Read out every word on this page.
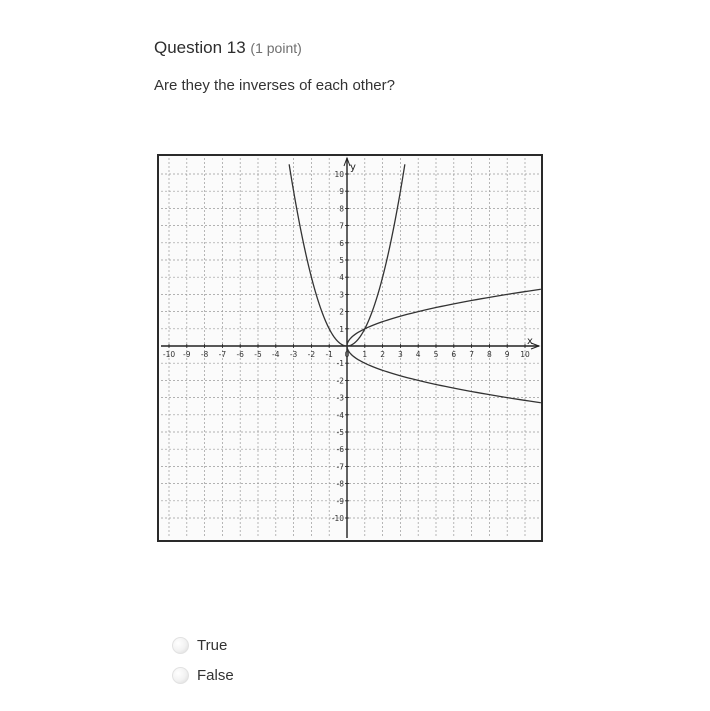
Question 13 (1 point)
Are they the inverses of each other?
-10 -9 -8 -7 -6 -5 -4 -3 -2 -1 0 1 2 3 4 5 6 7 8 9 10
10
9
8
7
6
5
4
3
2
1
-1
-2
-3
-4
-5
-6
-7
-8
-9
-10
y
x
True
False
